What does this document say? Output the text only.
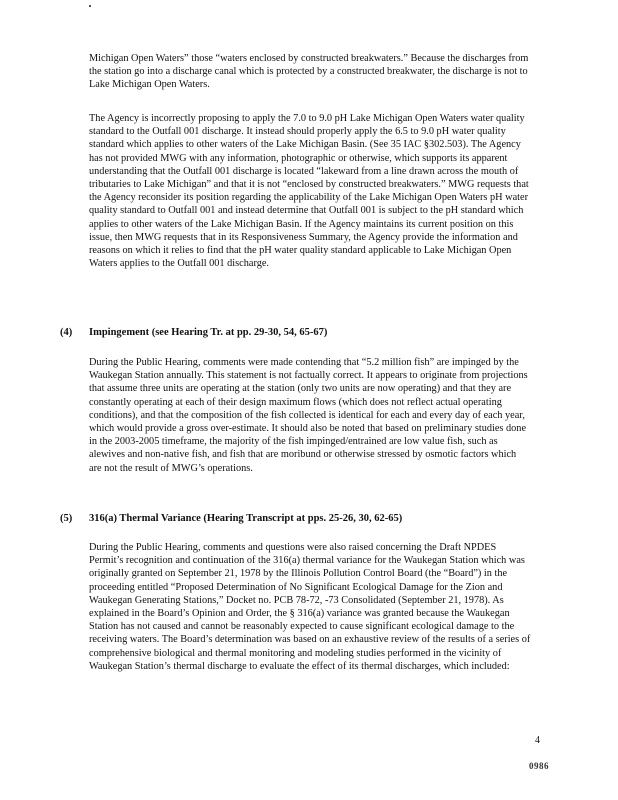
Michigan Open Waters” those “waters enclosed by constructed breakwaters.” Because the discharges from the station go into a discharge canal which is protected by a constructed breakwater, the discharge is not to Lake Michigan Open Waters.

The Agency is incorrectly proposing to apply the 7.0 to 9.0 pH Lake Michigan Open Waters water quality standard to the Outfall 001 discharge. It instead should properly apply the 6.5 to 9.0 pH water quality standard which applies to other waters of the Lake Michigan Basin. (See 35 IAC §302.503). The Agency has not provided MWG with any information, photographic or otherwise, which supports its apparent understanding that the Outfall 001 discharge is located “lakeward from a line drawn across the mouth of tributaries to Lake Michigan” and that it is not “enclosed by constructed breakwaters.” MWG requests that the Agency reconsider its position regarding the applicability of the Lake Michigan Open Waters pH water quality standard to Outfall 001 and instead determine that Outfall 001 is subject to the pH standard which applies to other waters of the Lake Michigan Basin. If the Agency maintains its current position on this issue, then MWG requests that in its Responsiveness Summary, the Agency provide the information and reasons on which it relies to find that the pH water quality standard applicable to Lake Michigan Open Waters applies to the Outfall 001 discharge.

(4) Impingement (see Hearing Tr. at pp. 29-30, 54, 65-67)

During the Public Hearing, comments were made contending that “5.2 million fish” are impinged by the Waukegan Station annually. This statement is not factually correct. It appears to originate from projections that assume three units are operating at the station (only two units are now operating) and that they are constantly operating at each of their design maximum flows (which does not reflect actual operating conditions), and that the composition of the fish collected is identical for each and every day of each year, which would provide a gross over-estimate. It should also be noted that based on preliminary studies done in the 2003-2005 timeframe, the majority of the fish impinged/entrained are low value fish, such as alewives and non-native fish, and fish that are moribund or otherwise stressed by osmotic factors which are not the result of MWG’s operations.

(5) 316(a) Thermal Variance (Hearing Transcript at pps. 25-26, 30, 62-65)

During the Public Hearing, comments and questions were also raised concerning the Draft NPDES Permit’s recognition and continuation of the 316(a) thermal variance for the Waukegan Station which was originally granted on September 21, 1978 by the Illinois Pollution Control Board (the “Board”) in the proceeding entitled “Proposed Determination of No Significant Ecological Damage for the Zion and Waukegan Generating Stations,” Docket no. PCB 78-72, -73 Consolidated (September 21, 1978). As explained in the Board’s Opinion and Order, the § 316(a) variance was granted because the Waukegan Station has not caused and cannot be reasonably expected to cause significant ecological damage to the receiving waters. The Board’s determination was based on an exhaustive review of the results of a series of comprehensive biological and thermal monitoring and modeling studies performed in the vicinity of Waukegan Station’s thermal discharge to evaluate the effect of its thermal discharges, which included:

4
0986
